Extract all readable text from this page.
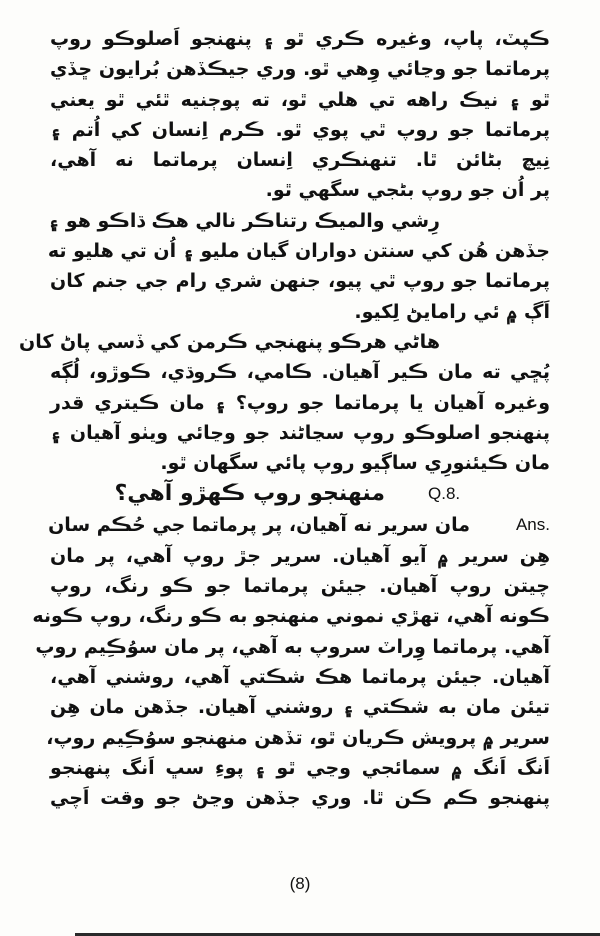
ڪپٽ، پاپ، وغيره ڪري ٿو ۽ پنهنجو اَصلوڪو روپ
پرماتما جو وڃائي وِهي ٿو. وري جيڪڏهن بُرايون ڇڏي
ٿو ۽ نيڪ راهه تي هلي ٿو، ته پوڄنيه ٿئي ٿو يعني
پرماتما جو روپ ٿي پوي ٿو. ڪرم اِنسان کي اُتم ۽
نِيچ بڻائن ٿا. تنهنڪري اِنسان پرماتما نه آهي،
پر اُن جو روپ بڻجي سگهي ٿو.
رِشي والميڪ رتناڪر نالي هڪ ڌاڪو هو ۽
جڏهن هُن کي سنتن دواران گيان مليو ۽ اُن تي هليو ته
پرماتما جو روپ ٿي پيو، جنهن شري رام جي جنم کان
اَڳ ۾ ئي رامايڻ لِکيو.
هاڻي هرڪو پنهنجي ڪرمن کي ڏسي پاڻ کان
پُڇي ته مان ڪير آهيان. ڪامي، ڪروڌي، ڪوڙو، لُڳه
وغيره آهيان يا پرماتما جو روپ؟ ۽ مان ڪيتري قدر
پنهنجو اصلوڪو روپ سڃاڻند جو وڃائي ويٺو آهيان ۽
مان ڪيئنورِي ساڳيو روپ پائي سگهان ٿو.
منهنجو روپ ڪهڙو آهي؟	Q.8.
Ans.
مان سرير نه آهيان، پر پرماتما جي حُڪم سان
هِن سرير ۾ آيو آهيان. سرير جڙ روپ آهي، پر مان
چيتن روپ آهيان. جيئن پرماتما جو ڪو رنگ، روپ
ڪونه آهي، تهڙي نموني منهنجو به ڪو رنگ، روپ ڪونه
آهي. پرماتما وِراٽ سروپ به آهي، پر مان سوُڪِيم روپ
آهيان. جيئن پرماتما هڪ شڪتي آهي، روشني آهي،
تيئن مان به شڪتي ۽ روشني آهيان. جڏهن مان هِن
سرير ۾ پرويش ڪريان ٿو، تڏهن منهنجو سوُڪِيم روپ،
اَنگ اَنگ ۾ سمائجي وڃي ٿو ۽ پوءِ سڀ اَنگ پنهنجو
پنهنجو ڪم ڪن ٿا. وري جڏهن وڃڻ جو وقت اَچي
(8)
